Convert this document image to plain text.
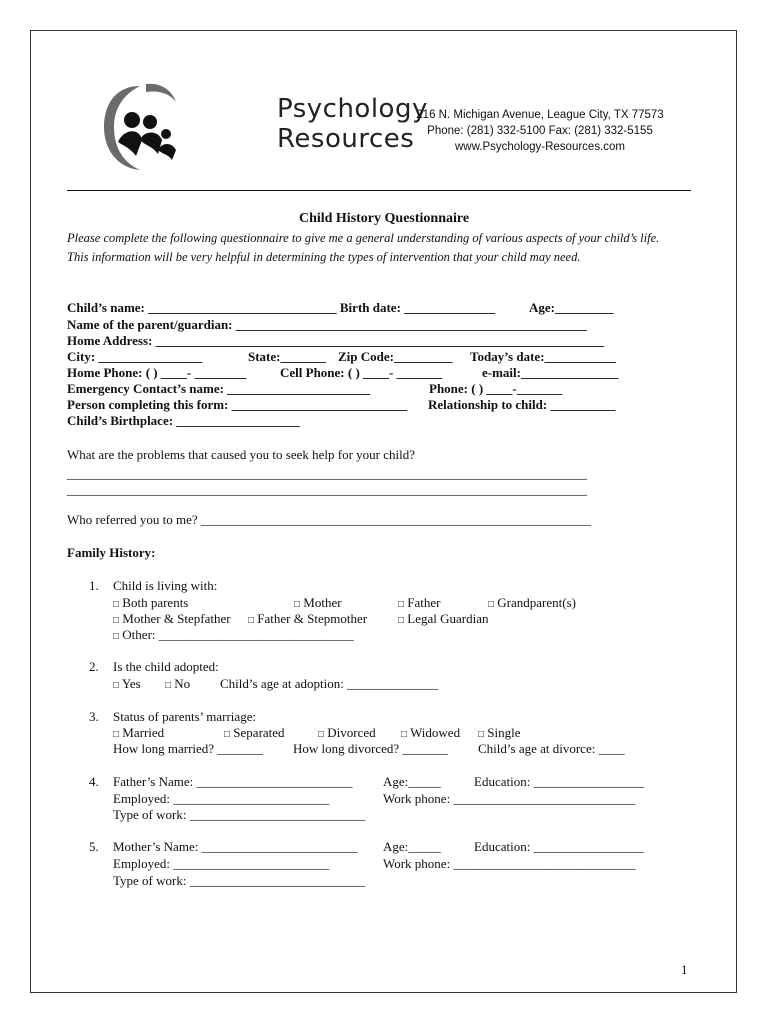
Psychology
Resources
216 N. Michigan Avenue, League City, TX 77573
Phone: (281) 332-5100 Fax: (281) 332-5155
www.Psychology-Resources.com
Child History Questionnaire
Please complete the following questionnaire to give me a general understanding of various aspects of your child’s life. This information will be very helpful in determining the types of intervention that your child may need.
Child’s name: _____________________________ Birth date: ______________	Age:_________
Name of the parent/guardian: ______________________________________________________
Home Address: _____________________________________________________________________
City: ________________	State:_______ Zip Code:_________ Today’s date:___________
Home Phone: ( ) ____- ________	Cell Phone: ( ) ____- _______	e-mail:_______________
Emergency Contact’s name: ______________________	Phone: ( ) ____-_______
Person completing this form: ___________________________ Relationship to child: __________
Child’s Birthplace: ___________________
What are the problems that caused you to seek help for your child?
________________________________________________________________________________
________________________________________________________________________________
Who referred you to me? ____________________________________________________________
Family History:
1. Child is living with:
□ Both parents	□ Mother	□ Father	□ Grandparent(s)
□ Mother & Stepfather □ Father & Stepmother	□ Legal Guardian
□ Other: ______________________________
2. Is the child adopted:
□ Yes □ No Child’s age at adoption: ______________
3. Status of parents’ marriage:
□ Married	□ Separated	□ Divorced	□ Widowed □ Single
How long married? _______ How long divorced? _______ Child’s age at divorce: ____
4. Father’s Name: ________________________ Age:_____	Education: _________________
Employed: ________________________	Work phone: ____________________________
Type of work: ___________________________
5. Mother’s Name: ________________________ Age:_____	Education: _________________
Employed: ________________________	Work phone: ____________________________
Type of work: ___________________________
1
